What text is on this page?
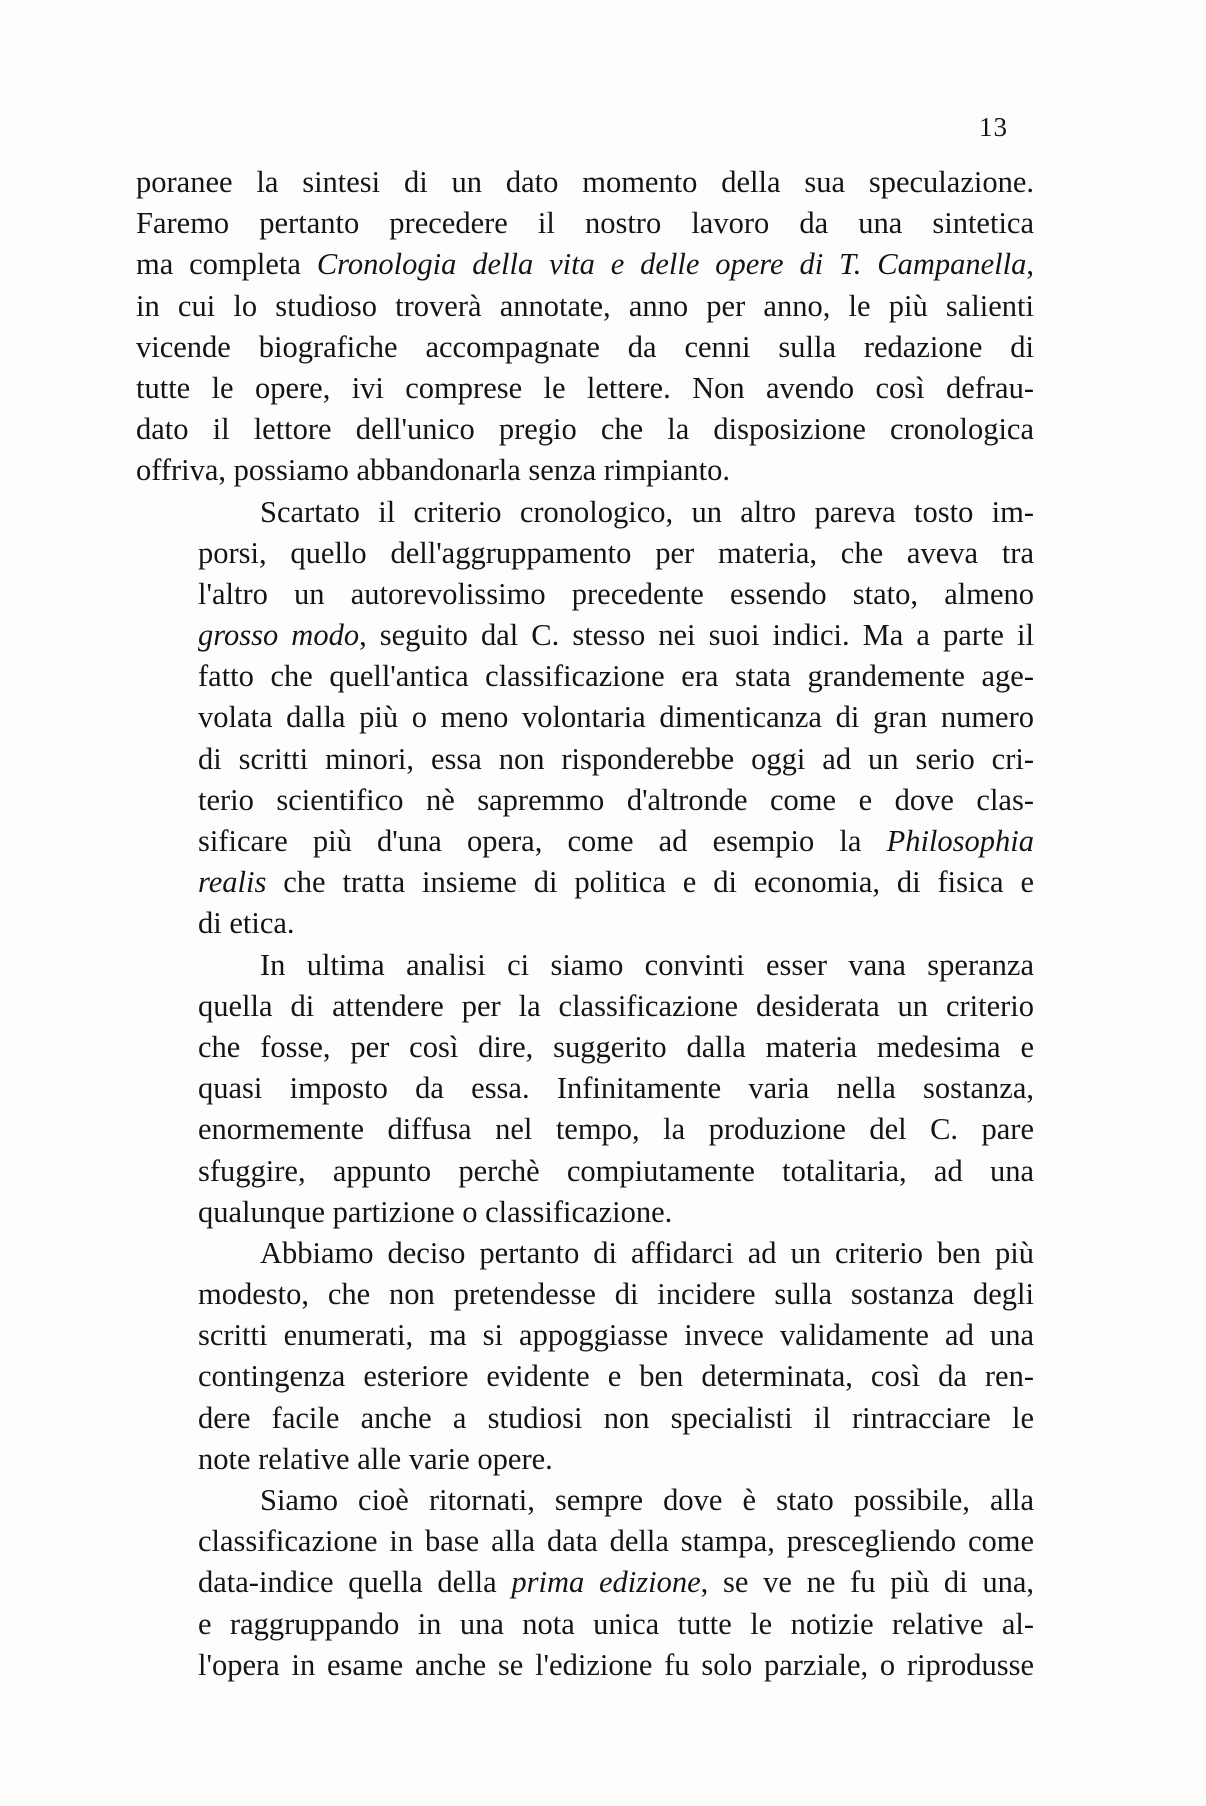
13
poranee la sintesi di un dato momento della sua speculazione.
Faremo pertanto precedere il nostro lavoro da una sintetica
ma completa Cronologia della vita e delle opere di T. Campanella,
in cui lo studioso troverà annotate, anno per anno, le più salienti
vicende biografiche accompagnate da cenni sulla redazione di
tutte le opere, ivi comprese le lettere. Non avendo così defrau-
dato il lettore dell'unico pregio che la disposizione cronologica
offriva, possiamo abbandonarla senza rimpianto.
Scartato il criterio cronologico, un altro pareva tosto im-
porsi, quello dell'aggruppamento per materia, che aveva tra
l'altro un autorevolissimo precedente essendo stato, almeno
grosso modo, seguito dal C. stesso nei suoi indici. Ma a parte il
fatto che quell'antica classificazione era stata grandemente age-
volata dalla più o meno volontaria dimenticanza di gran numero
di scritti minori, essa non risponderebbe oggi ad un serio cri-
terio scientifico nè sapremmo d'altronde come e dove clas-
sificare più d'una opera, come ad esempio la Philosophia
realis che tratta insieme di politica e di economia, di fisica e
di etica.
In ultima analisi ci siamo convinti esser vana speranza
quella di attendere per la classificazione desiderata un criterio
che fosse, per così dire, suggerito dalla materia medesima e
quasi imposto da essa. Infinitamente varia nella sostanza,
enormemente diffusa nel tempo, la produzione del C. pare
sfuggire, appunto perchè compiutamente totalitaria, ad una
qualunque partizione o classificazione.
Abbiamo deciso pertanto di affidarci ad un criterio ben più
modesto, che non pretendesse di incidere sulla sostanza degli
scritti enumerati, ma si appoggiasse invece validamente ad una
contingenza esteriore evidente e ben determinata, così da ren-
dere facile anche a studiosi non specialisti il rintracciare le
note relative alle varie opere.
Siamo cioè ritornati, sempre dove è stato possibile, alla
classificazione in base alla data della stampa, prescegliendo come
data-indice quella della prima edizione, se ve ne fu più di una,
e raggruppando in una nota unica tutte le notizie relative al-
l'opera in esame anche se l'edizione fu solo parziale, o riprodusse
